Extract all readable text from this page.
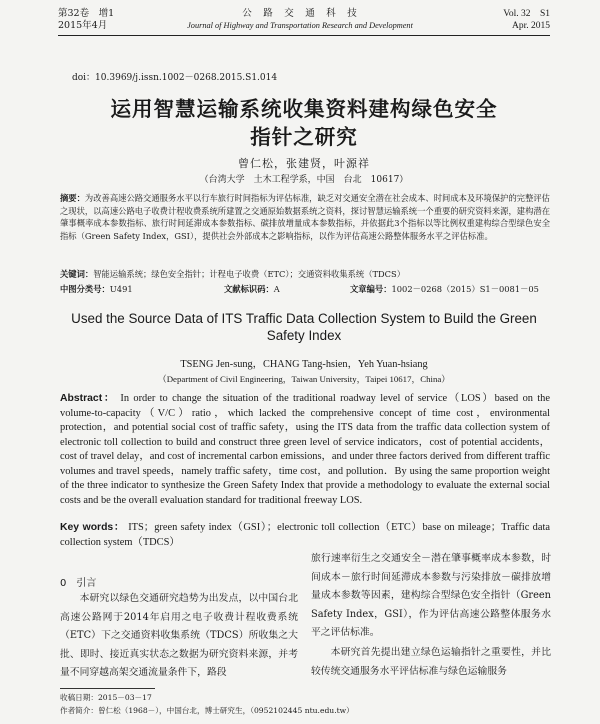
第32卷　增1
2015年4月
公　路　交　通　科　技
Journal of Highway and Transportation Research and Development
Vol. 32　S1
Apr. 2015
doi：10.3969/j.issn.1002－0268.2015.S1.014
运用智慧运输系统收集资料建构绿色安全
指针之研究
曾仁松，张建贤，叶源祥
（台湾大学　土木工程学系，中国　台北　10617）
摘要：为改善高速公路交通服务水平以行车旅行时间指标为评估标准，缺乏对交通安全潜在社会成本、时间成本及环境保护的完整评估之现状，以高速公路电子收费计程收费系统所建置之交通原始数据系统之资料，探讨智慧运输系统一个重要的研究资料来源，建构潜在肇事概率成本参数指标、旅行时间延滞成本参数指标、碳排放增量成本参数指标，并依据此3个指标以等比例权重建构综合型绿色安全指标（Green Safety Index，GSI），提供社会外部成本之影响指标，以作为评估高速公路整体服务水平之评估标准。
关键词：智能运输系统；绿色安全指针；计程电子收费（ETC）；交通资料收集系统（TDCS）
中图分类号：U491	文献标识码：A	文章编号：1002－0268（2015）S1－0081－05
Used the Source Data of ITS Traffic Data Collection System to Build the Green Safety Index
TSENG Jen-sung，CHANG Tang-hsien，Yeh Yuan-hsiang
（Department of Civil Engineering，Taiwan University，Taipei 10617，China）
Abstract： In order to change the situation of the traditional roadway level of service（LOS）based on the volume-to-capacity（V/C）ratio，which lacked the comprehensive concept of time cost，environmental protection，and potential social cost of traffic safety，using the ITS data from the traffic data collection system of electronic toll collection to build and construct three green level of service indicators，cost of potential accidents，cost of travel delay，and cost of incremental carbon emissions，and under three factors derived from different traffic volumes and travel speeds，namely traffic safety，time cost，and pollution．By using the same proportion weight of the three indicator to synthesize the Green Safety Index that provide a methodology to evaluate the external social costs and be the overall evaluation standard for traditional freeway LOS.
Key words： ITS；green safety index（GSI）；electronic toll collection（ETC）base on mileage；Traffic data collection system（TDCS）
0　 引言
本研究以绿色交通研究趋势为出发点，以中国台北高速公路网于2014年启用之电子收费计程收费系统（ETC）下之交通资料收集系统（TDCS）所收集之大批、即时、接近真实状态之数据为研究资料来源，并考量不同穿越高架交通流量条件下，路段
旅行速率衍生之交通安全－潜在肇事概率成本参数，时间成本－旅行时间延滞成本参数与污染排放－碳排放增量成本参数等因素，建构综合型绿色安全指针（Green Safety Index，GSI），作为评估高速公路整体服务水平之评估标准。
本研究首先提出建立绿色运输指针之重要性，并比较传统交通服务水平评估标准与绿色运输服务
收稿日期：2015－03－17
作者简介：曾仁松（1968－），中国台北，博士研究生，（0952102445 ntu.edu.tw）
